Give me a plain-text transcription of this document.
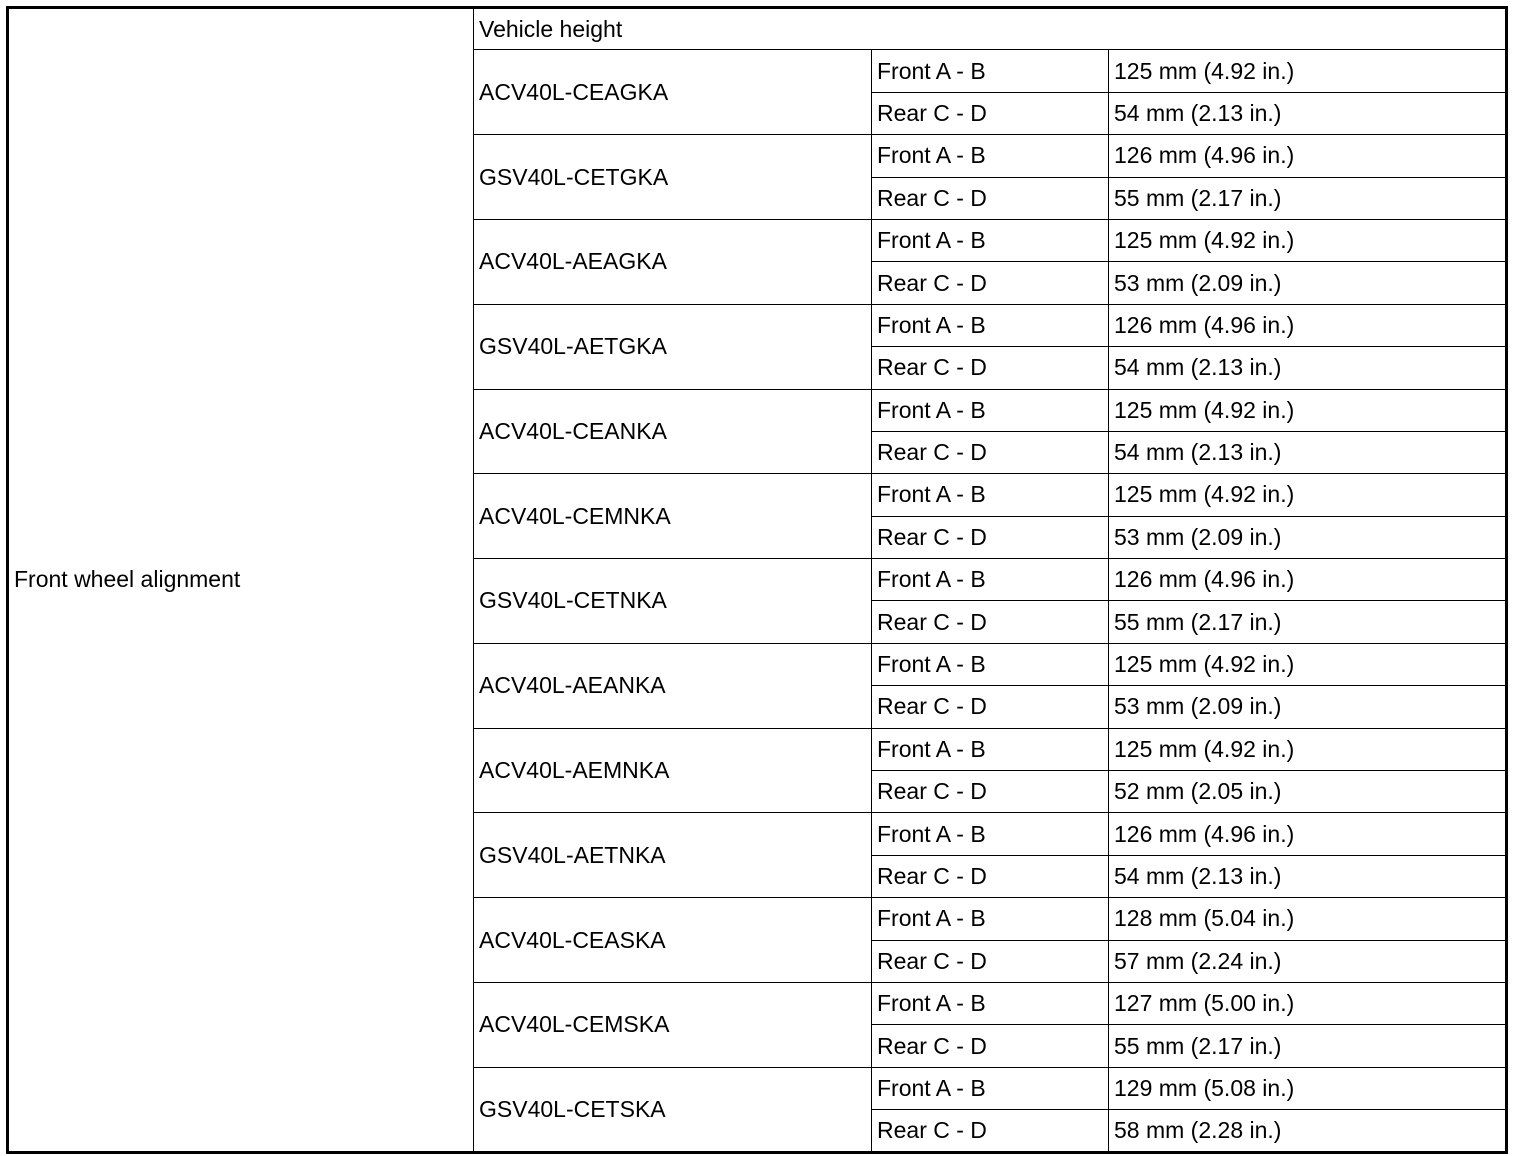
Front wheel alignment	Vehicle height		
	ACV40L-CEAGKA	Front A - B	125 mm (4.92 in.)
		Rear C - D	54 mm (2.13 in.)
	GSV40L-CETGKA	Front A - B	126 mm (4.96 in.)
		Rear C - D	55 mm (2.17 in.)
	ACV40L-AEAGKA	Front A - B	125 mm (4.92 in.)
		Rear C - D	53 mm (2.09 in.)
	GSV40L-AETGKA	Front A - B	126 mm (4.96 in.)
		Rear C - D	54 mm (2.13 in.)
	ACV40L-CEANKA	Front A - B	125 mm (4.92 in.)
		Rear C - D	54 mm (2.13 in.)
	ACV40L-CEMNKA	Front A - B	125 mm (4.92 in.)
		Rear C - D	53 mm (2.09 in.)
	GSV40L-CETNKA	Front A - B	126 mm (4.96 in.)
		Rear C - D	55 mm (2.17 in.)
	ACV40L-AEANKA	Front A - B	125 mm (4.92 in.)
		Rear C - D	53 mm (2.09 in.)
	ACV40L-AEMNKA	Front A - B	125 mm (4.92 in.)
		Rear C - D	52 mm (2.05 in.)
	GSV40L-AETNKA	Front A - B	126 mm (4.96 in.)
		Rear C - D	54 mm (2.13 in.)
	ACV40L-CEASKA	Front A - B	128 mm (5.04 in.)
		Rear C - D	57 mm (2.24 in.)
	ACV40L-CEMSKA	Front A - B	127 mm (5.00 in.)
		Rear C - D	55 mm (2.17 in.)
	GSV40L-CETSKA	Front A - B	129 mm (5.08 in.)
		Rear C - D	58 mm (2.28 in.)
